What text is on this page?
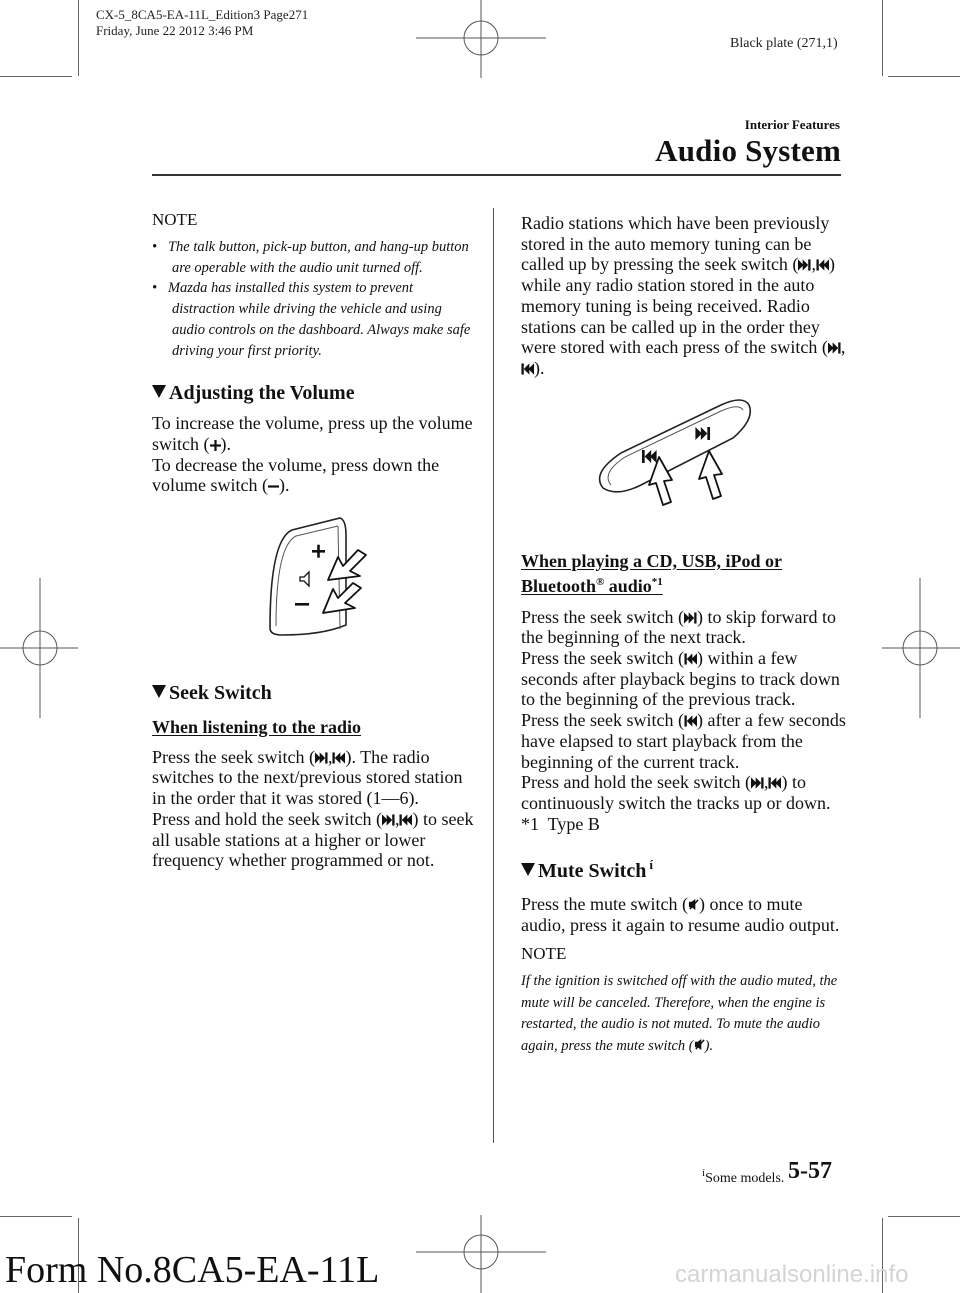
CX-5_8CA5-EA-11L_Edition3 Page271
Friday, June 22 2012 3:46 PM
Black plate (271,1)
Interior Features
Audio System
NOTE

•   The talk button, pick-up button, and hang-up button are operable with the audio unit turned off.

•   Mazda has installed this system to prevent distraction while driving the vehicle and using audio controls on the dashboard. Always make safe driving your first priority.

Adjusting the Volume

To increase the volume, press up the volume switch ( ).

To decrease the volume, press down the volume switch ( ).

Seek Switch

When listening to the radio

Press the seek switch ( , ). The radio switches to the next/previous stored station in the order that it was stored (1―6).

Press and hold the seek switch ( , ) to seek all usable stations at a higher or lower frequency whether programmed or not.

Radio stations which have been previously stored in the auto memory tuning can be called up by pressing the seek switch ( , ) while any radio station stored in the auto memory tuning is being received. Radio stations can be called up in the order they were stored with each press of the switch ( ,).

When playing a CD, USB, iPod or Bluetooth® audio$^{*1}$

Press the seek switch ( ) to skip forward to the beginning of the next track.

Press the seek switch ( ) within a few seconds after playback begins to track down to the beginning of the previous track.

Press the seek switch ( ) after a few seconds have elapsed to start playback from the beginning of the current track.

Press and hold the seek switch ( , ) to continuously switch the tracks up or down.

*1  Type B

Mute Switch $^í$

Press the mute switch ( ) once to mute audio, press it again to resume audio output.

NOTE

If the ignition is switched off with the audio muted, the mute will be canceled. Therefore, when the engine is restarted, the audio is not muted. To mute the audio again, press the mute switch ( ).

$^í$Some models. 5-57
Form No.8CA5-EA-11L	carmanualsonline.info
